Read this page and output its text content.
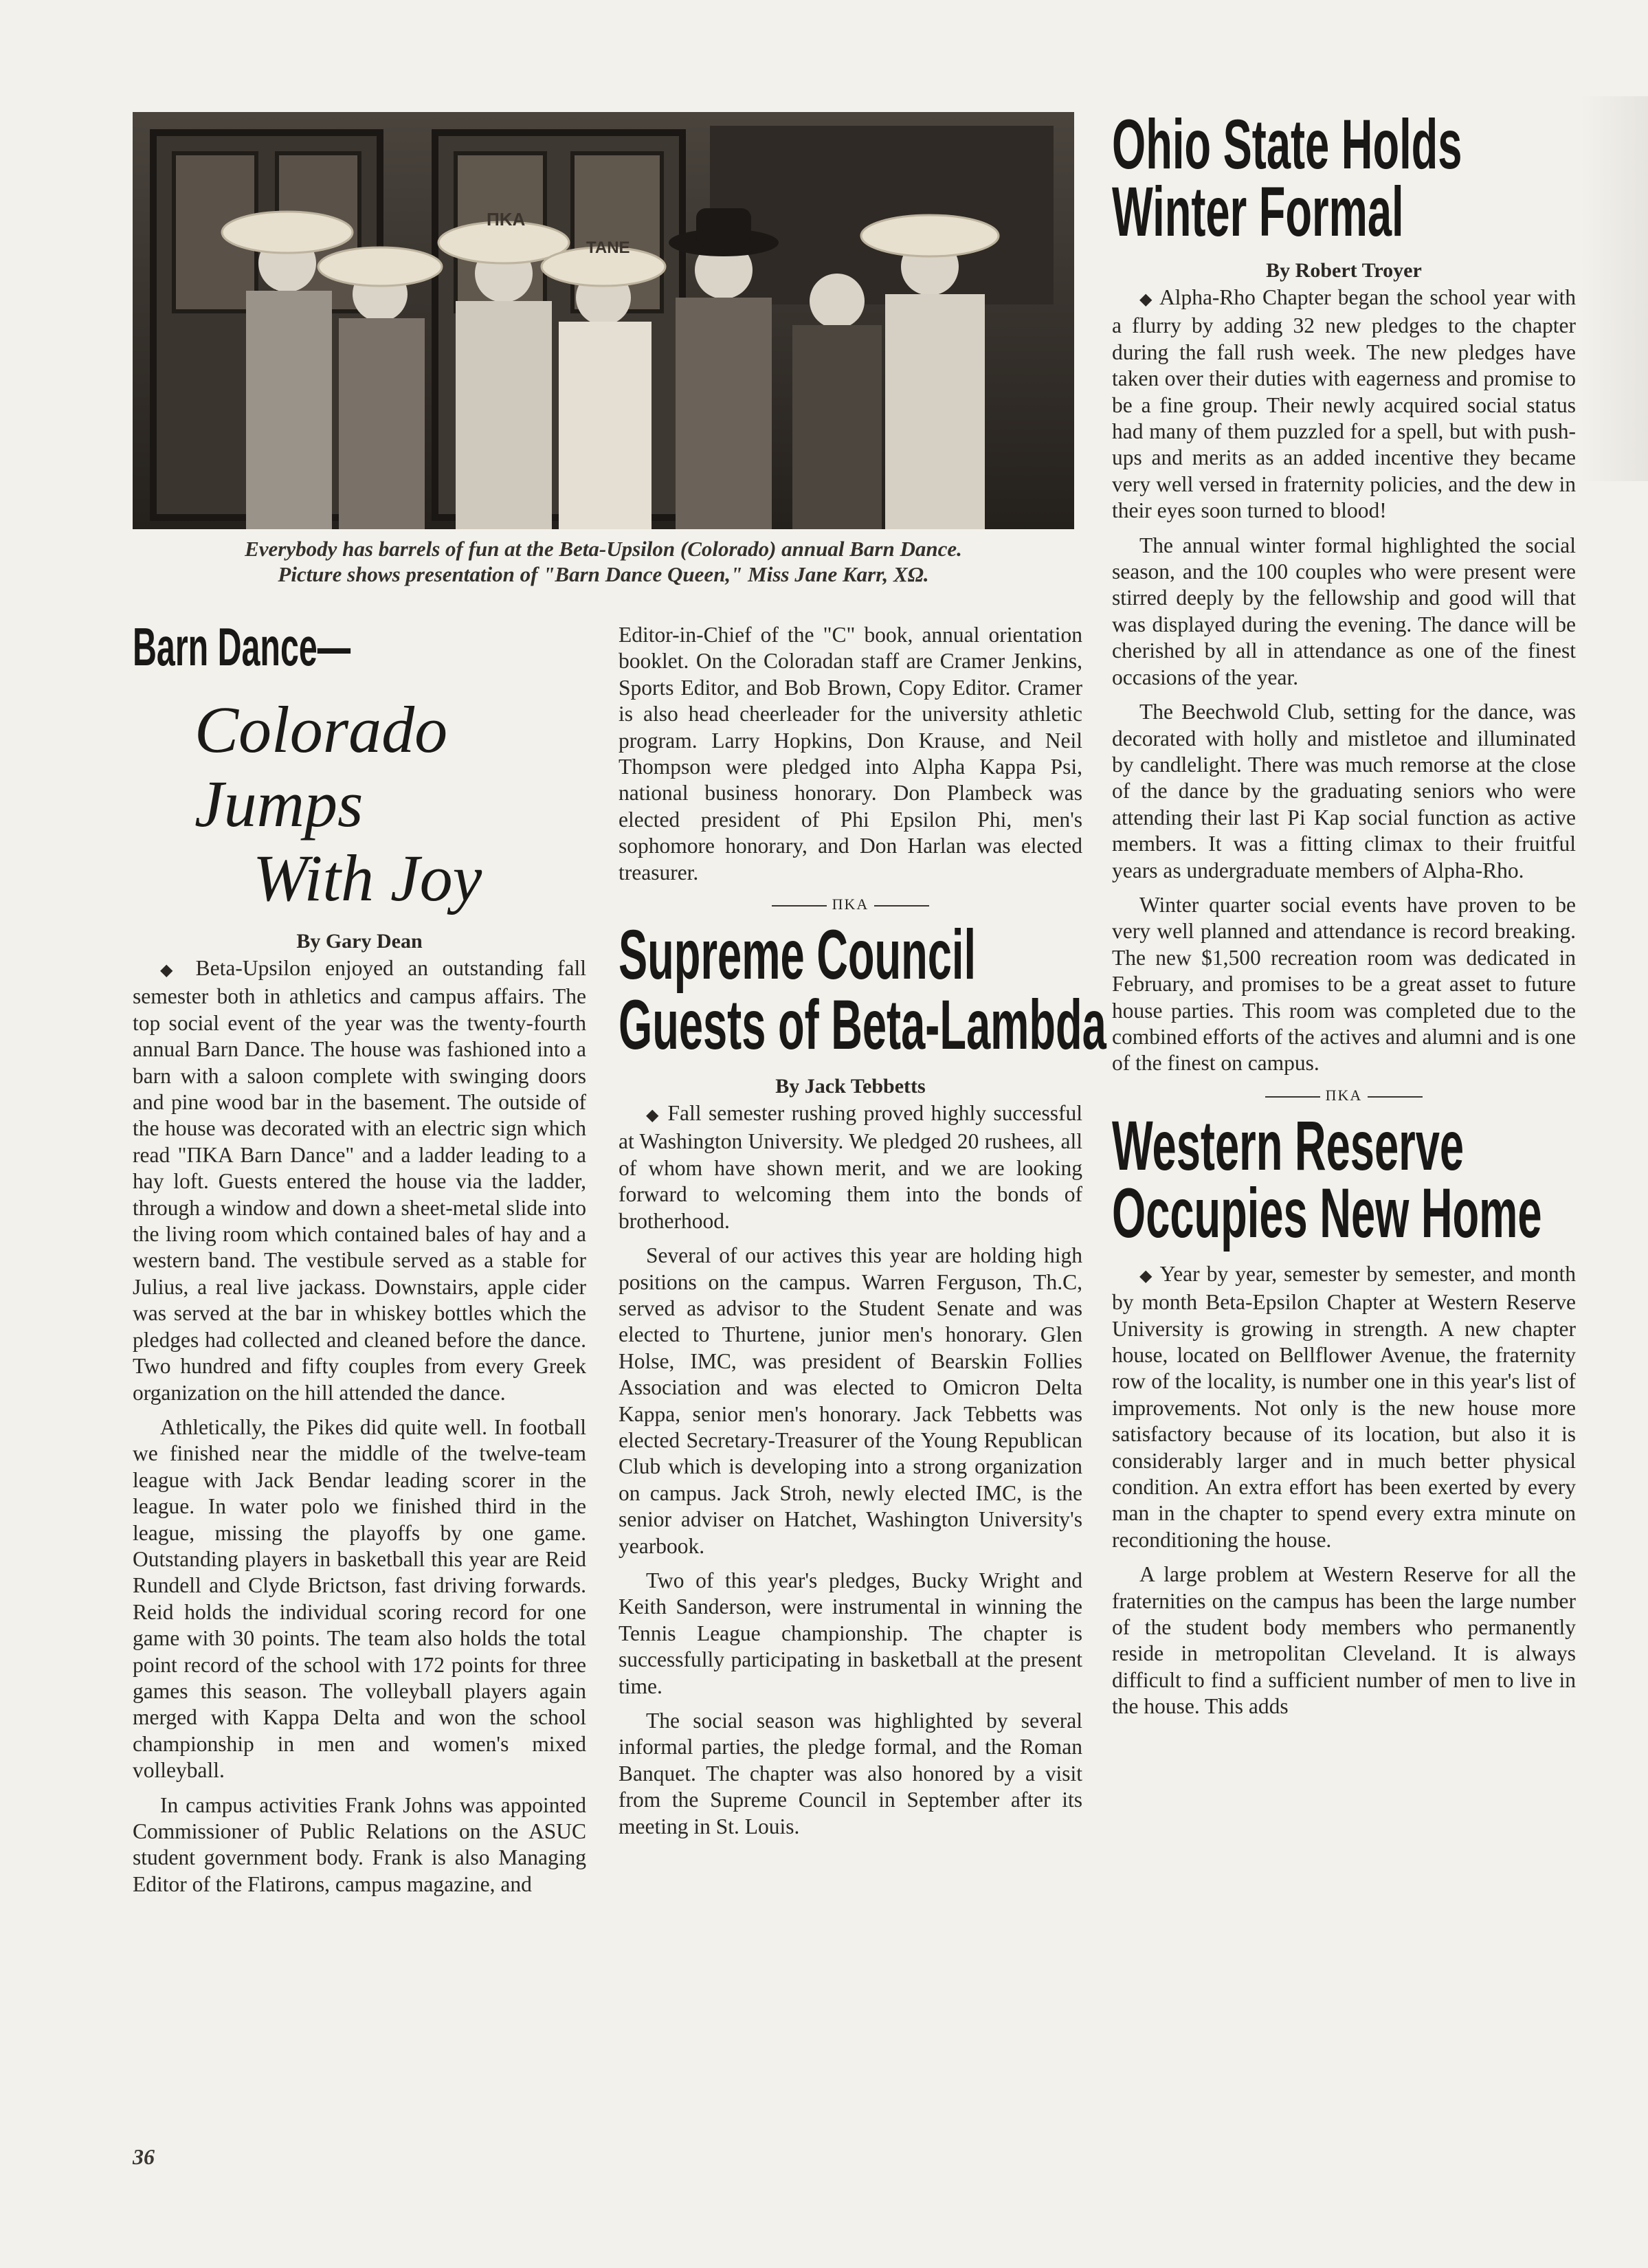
ΠΚΑ
TANE
Everybody has barrels of fun at the Beta-Upsilon (Colorado) annual Barn Dance.
Picture shows presentation of "Barn Dance Queen," Miss Jane Karr, ΧΩ.
Barn Dance—
Colorado Jumps
With Joy
By Gary Dean

◆ Beta-Upsilon enjoyed an outstanding fall semester both in athletics and campus affairs. The top social event of the year was the twenty-fourth annual Barn Dance. The house was fashioned into a barn with a saloon complete with swinging doors and pine wood bar in the basement. The outside of the house was decorated with an electric sign which read "ΠΚΑ Barn Dance" and a ladder leading to a hay loft. Guests entered the house via the ladder, through a window and down a sheet-metal slide into the living room which contained bales of hay and a western band. The vestibule served as a stable for Julius, a real live jackass. Downstairs, apple cider was served at the bar in whiskey bottles which the pledges had collected and cleaned before the dance. Two hundred and fifty couples from every Greek organization on the hill attended the dance.

Athletically, the Pikes did quite well. In football we finished near the middle of the twelve-team league with Jack Bendar leading scorer in the league. In water polo we finished third in the league, missing the playoffs by one game. Outstanding players in basketball this year are Reid Rundell and Clyde Brictson, fast driving forwards. Reid holds the individual scoring record for one game with 30 points. The team also holds the total point record of the school with 172 points for three games this season. The volleyball players again merged with Kappa Delta and won the school championship in men and women's mixed volleyball.

In campus activities Frank Johns was appointed Commissioner of Public Relations on the ASUC student government body. Frank is also Managing Editor of the Flatirons, campus magazine, and

Editor-in-Chief of the "C" book, annual orientation booklet. On the Coloradan staff are Cramer Jenkins, Sports Editor, and Bob Brown, Copy Editor. Cramer is also head cheerleader for the university athletic program. Larry Hopkins, Don Krause, and Neil Thompson were pledged into Alpha Kappa Psi, national business honorary. Don Plambeck was elected president of Phi Epsilon Phi, men's sophomore honorary, and Don Harlan was elected treasurer.

ΠΚΑ
Supreme Council
Guests of Beta-Lambda
By Jack Tebbetts

◆ Fall semester rushing proved highly successful at Washington University. We pledged 20 rushees, all of whom have shown merit, and we are looking forward to welcoming them into the bonds of brotherhood.

Several of our actives this year are holding high positions on the campus. Warren Ferguson, Th.C, served as advisor to the Student Senate and was elected to Thurtene, junior men's honorary. Glen Holse, IMC, was president of Bearskin Follies Association and was elected to Omicron Delta Kappa, senior men's honorary. Jack Tebbetts was elected Secretary-Treasurer of the Young Republican Club which is developing into a strong organization on campus. Jack Stroh, newly elected IMC, is the senior adviser on Hatchet, Washington University's yearbook.

Two of this year's pledges, Bucky Wright and Keith Sanderson, were instrumental in winning the Tennis League championship. The chapter is successfully participating in basketball at the present time.

The social season was highlighted by several informal parties, the pledge formal, and the Roman Banquet. The chapter was also honored by a visit from the Supreme Council in September after its meeting in St. Louis.

Ohio State Holds
Winter Formal
By Robert Troyer

◆ Alpha-Rho Chapter began the school year with a flurry by adding 32 new pledges to the chapter during the fall rush week. The new pledges have taken over their duties with eagerness and promise to be a fine group. Their newly acquired social status had many of them puzzled for a spell, but with push-ups and merits as an added incentive they became very well versed in fraternity policies, and the dew in their eyes soon turned to blood!

The annual winter formal highlighted the social season, and the 100 couples who were present were stirred deeply by the fellowship and good will that was displayed during the evening. The dance will be cherished by all in attendance as one of the finest occasions of the year.

The Beechwold Club, setting for the dance, was decorated with holly and mistletoe and illuminated by candlelight. There was much remorse at the close of the dance by the graduating seniors who were attending their last Pi Kap social function as active members. It was a fitting climax to their fruitful years as undergraduate members of Alpha-Rho.

Winter quarter social events have proven to be very well planned and attendance is record breaking. The new $1,500 recreation room was dedicated in February, and promises to be a great asset to future house parties. This room was completed due to the combined efforts of the actives and alumni and is one of the finest on campus.

ΠΚΑ
Western Reserve
Occupies New Home

◆ Year by year, semester by semester, and month by month Beta-Epsilon Chapter at Western Reserve University is growing in strength. A new chapter house, located on Bellflower Avenue, the fraternity row of the locality, is number one in this year's list of improvements. Not only is the new house more satisfactory because of its location, but also it is considerably larger and in much better physical condition. An extra effort has been exerted by every man in the chapter to spend every extra minute on reconditioning the house.

A large problem at Western Reserve for all the fraternities on the campus has been the large number of the student body members who permanently reside in metropolitan Cleveland. It is always difficult to find a sufficient number of men to live in the house. This adds

36
